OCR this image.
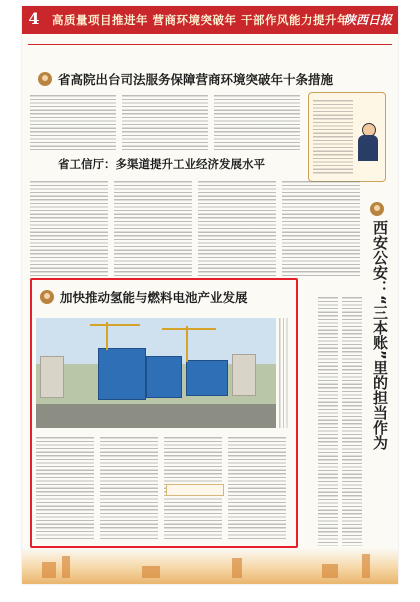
4 高质量项目推进年 营商环境突破年 干部作风能力提升年
陕西日报
省高院出台司法服务保障营商环境突破年十条措施
省工信厅：多渠道提升工业经济发展水平
西安公安：“三本账”里的担当作为
加快推动氢能与燃料电池产业发展
